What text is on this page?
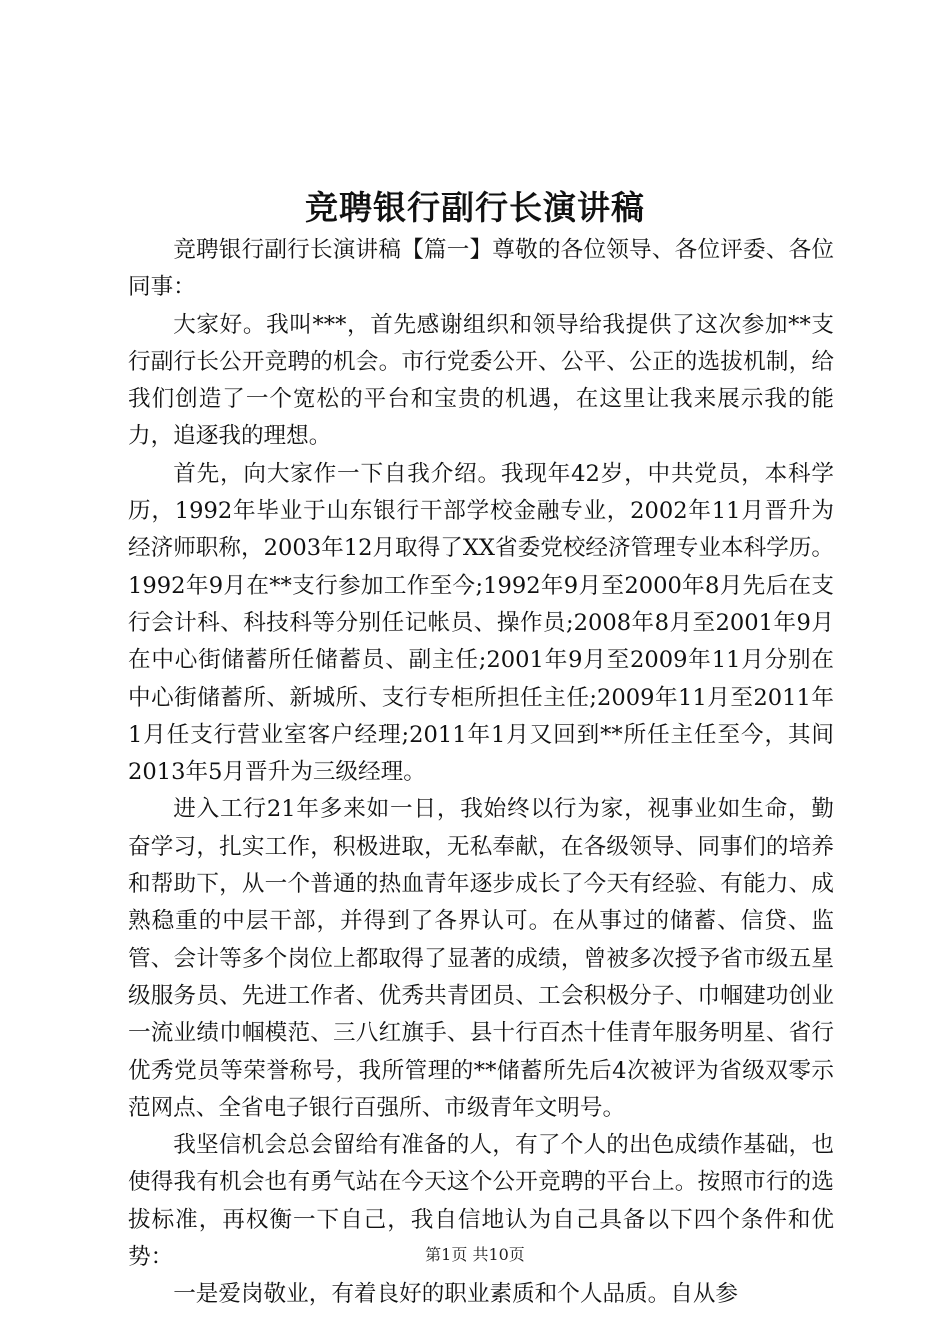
竞聘银行副行长演讲稿

竞聘银行副行长演讲稿【篇一】尊敬的各位领导、各位评委、各位同事：

大家好。我叫***，首先感谢组织和领导给我提供了这次参加**支行副行长公开竞聘的机会。市行党委公开、公平、公正的选拔机制，给我们创造了一个宽松的平台和宝贵的机遇，在这里让我来展示我的能力，追逐我的理想。

首先，向大家作一下自我介绍。我现年42岁，中共党员，本科学历，1992年毕业于山东银行干部学校金融专业，2002年11月晋升为经济师职称，2003年12月取得了XX省委党校经济管理专业本科学历。1992年9月在**支行参加工作至今;1992年9月至2000年8月先后在支行会计科、科技科等分别任记帐员、操作员;2008年8月至2001年9月在中心街储蓄所任储蓄员、副主任;2001年9月至2009年11月分别在中心街储蓄所、新城所、支行专柜所担任主任;2009年11月至2011年1月任支行营业室客户经理;2011年1月又回到**所任主任至今，其间2013年5月晋升为三级经理。

进入工行21年多来如一日，我始终以行为家，视事业如生命，勤奋学习，扎实工作，积极进取，无私奉献，在各级领导、同事们的培养和帮助下，从一个普通的热血青年逐步成长了今天有经验、有能力、成熟稳重的中层干部，并得到了各界认可。在从事过的储蓄、信贷、监管、会计等多个岗位上都取得了显著的成绩，曾被多次授予省市级五星级服务员、先进工作者、优秀共青团员、工会积极分子、巾帼建功创业一流业绩巾帼模范、三八红旗手、县十行百杰十佳青年服务明星、省行优秀党员等荣誉称号，我所管理的**储蓄所先后4次被评为省级双零示范网点、全省电子银行百强所、市级青年文明号。

我坚信机会总会留给有准备的人，有了个人的出色成绩作基础，也使得我有机会也有勇气站在今天这个公开竞聘的平台上。按照市行的选拔标准，再权衡一下自己，我自信地认为自己具备以下四个条件和优势：

一是爱岗敬业，有着良好的职业素质和个人品质。自从参

第1页 共10页
